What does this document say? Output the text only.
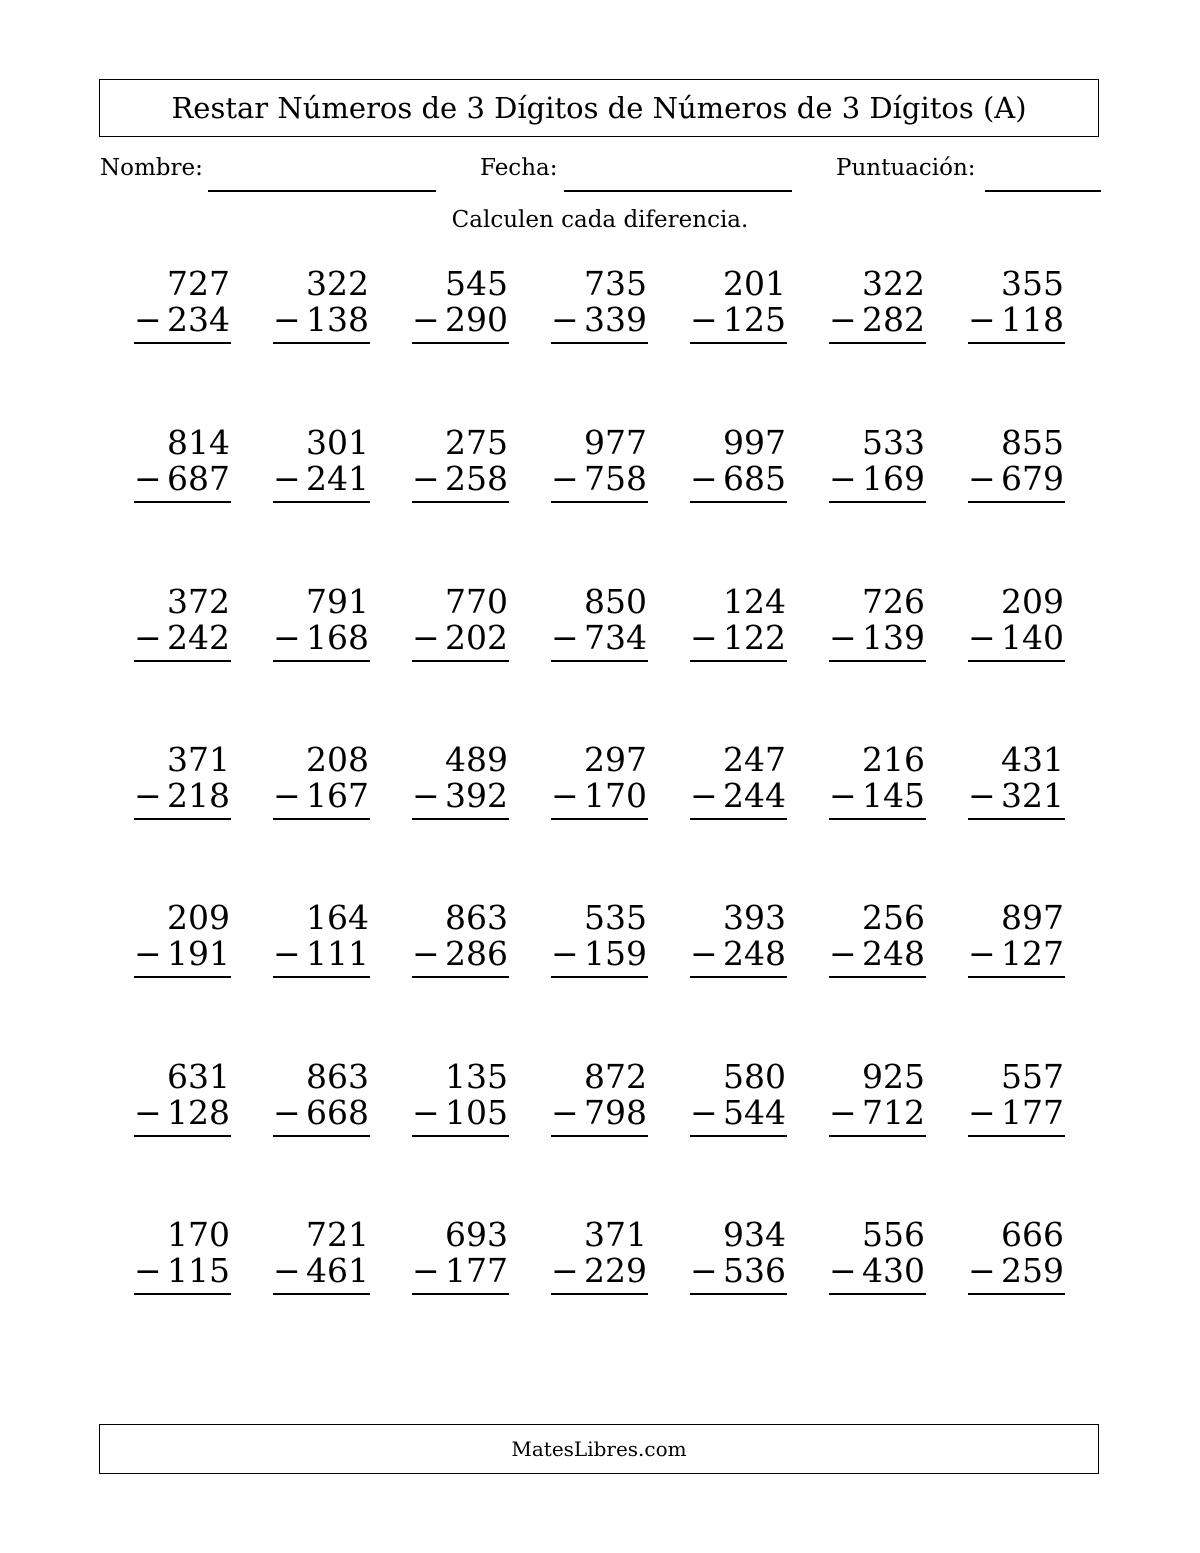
Restar Números de 3 Dígitos de Números de 3 Dígitos (A)
Nombre:	Fecha:	Puntuación:
Calculen cada diferencia.
727
− 234
322
− 138
545
− 290
735
− 339
201
− 125
322
− 282
355
− 118
814
− 687
301
− 241
275
− 258
977
− 758
997
− 685
533
− 169
855
− 679
372
− 242
791
− 168
770
− 202
850
− 734
124
− 122
726
− 139
209
− 140
371
− 218
208
− 167
489
− 392
297
− 170
247
− 244
216
− 145
431
− 321
209
− 191
164
− 111
863
− 286
535
− 159
393
− 248
256
− 248
897
− 127
631
− 128
863
− 668
135
− 105
872
− 798
580
− 544
925
− 712
557
− 177
170
− 115
721
− 461
693
− 177
371
− 229
934
− 536
556
− 430
666
− 259
MatesLibres.com
